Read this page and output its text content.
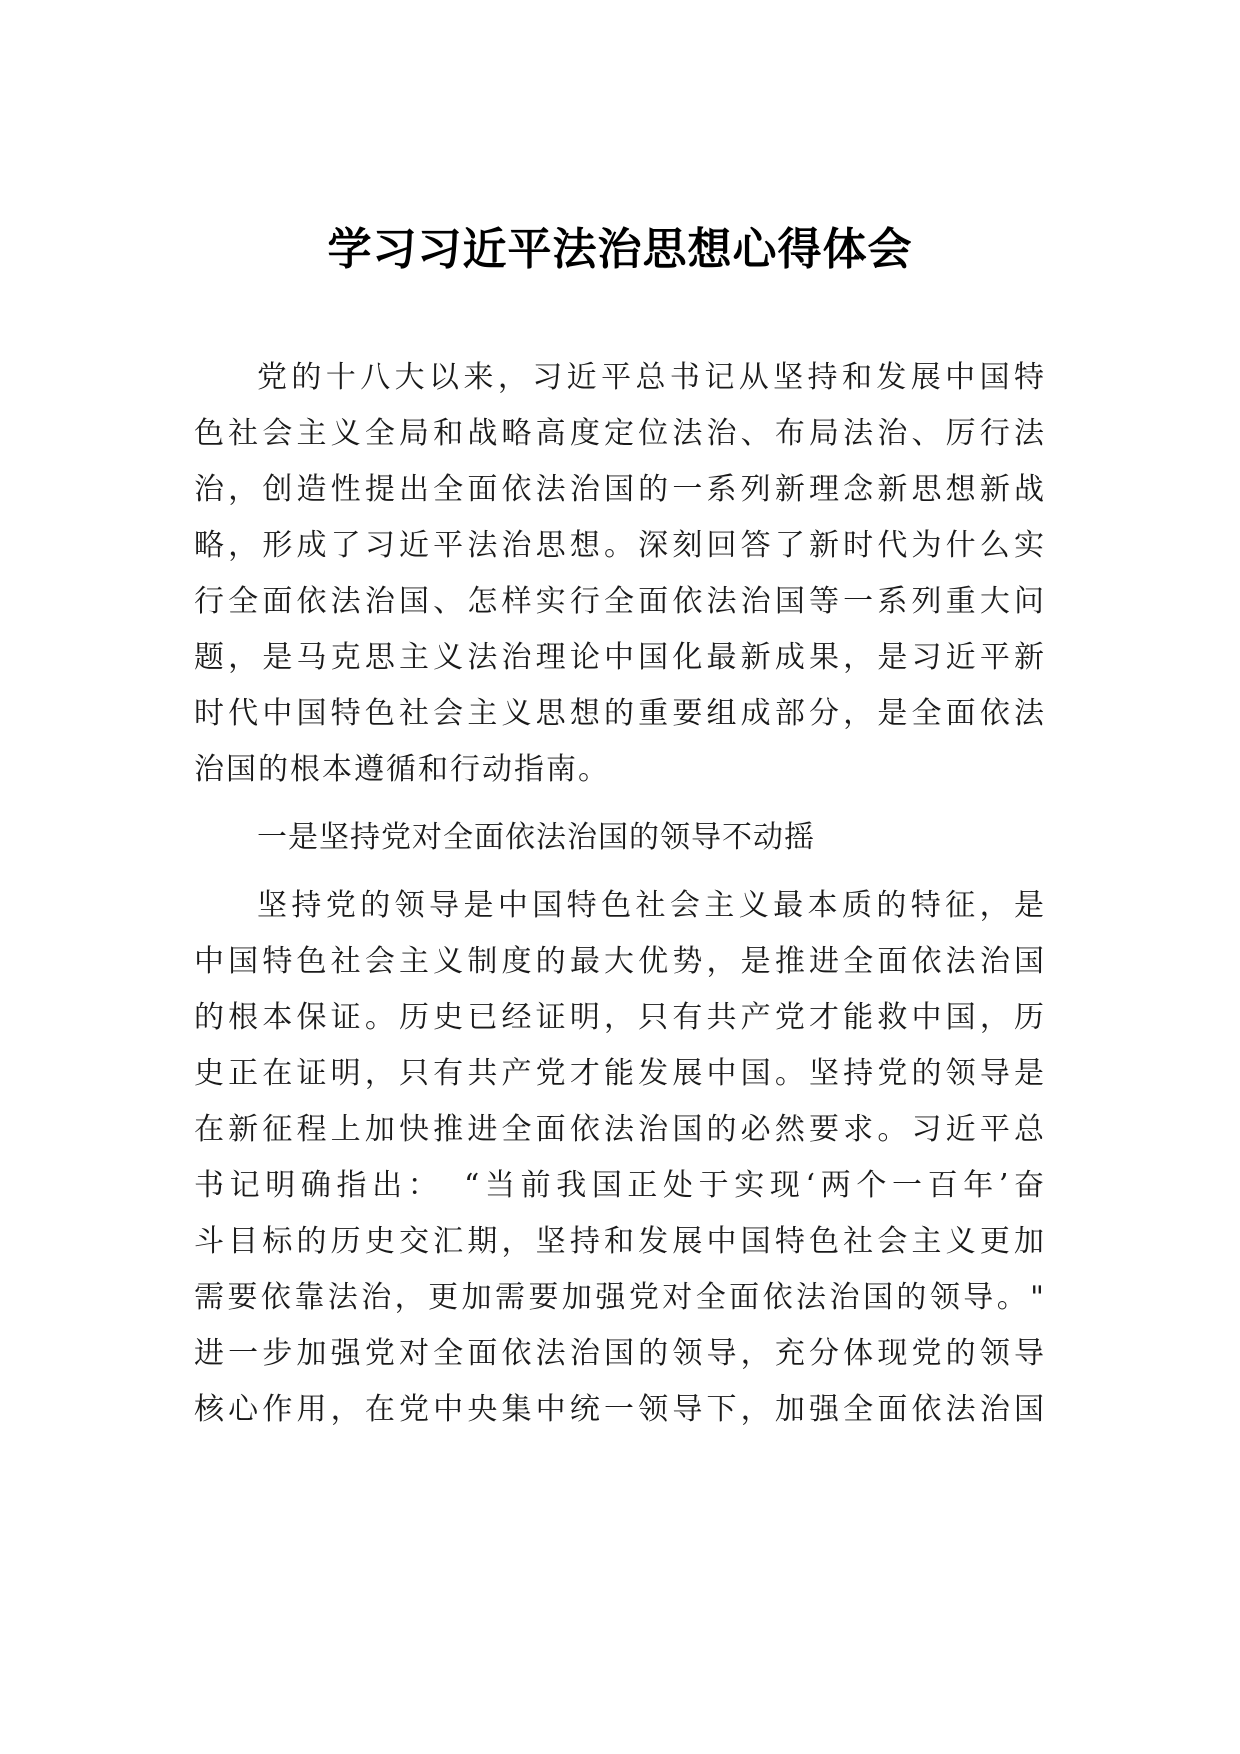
学习习近平法治思想心得体会
党的十八大以来，习近平总书记从坚持和发展中国特
色社会主义全局和战略高度定位法治、布局法治、厉行法
治，创造性提出全面依法治国的一系列新理念新思想新战
略，形成了习近平法治思想。深刻回答了新时代为什么实
行全面依法治国、怎样实行全面依法治国等一系列重大问
题，是马克思主义法治理论中国化最新成果，是习近平新
时代中国特色社会主义思想的重要组成部分，是全面依法
治国的根本遵循和行动指南。
一是坚持党对全面依法治国的领导不动摇
坚持党的领导是中国特色社会主义最本质的特征，是
中国特色社会主义制度的最大优势，是推进全面依法治国
的根本保证。历史已经证明，只有共产党才能救中国，历
史正在证明，只有共产党才能发展中国。坚持党的领导是
在新征程上加快推进全面依法治国的必然要求。习近平总
书记明确指出：　“当前我国正处于实现‘两个一百年’奋
斗目标的历史交汇期，坚持和发展中国特色社会主义更加
需要依靠法治，更加需要加强党对全面依法治国的领导。"
进一步加强党对全面依法治国的领导，充分体现党的领导
核心作用，在党中央集中统一领导下，加强全面依法治国
